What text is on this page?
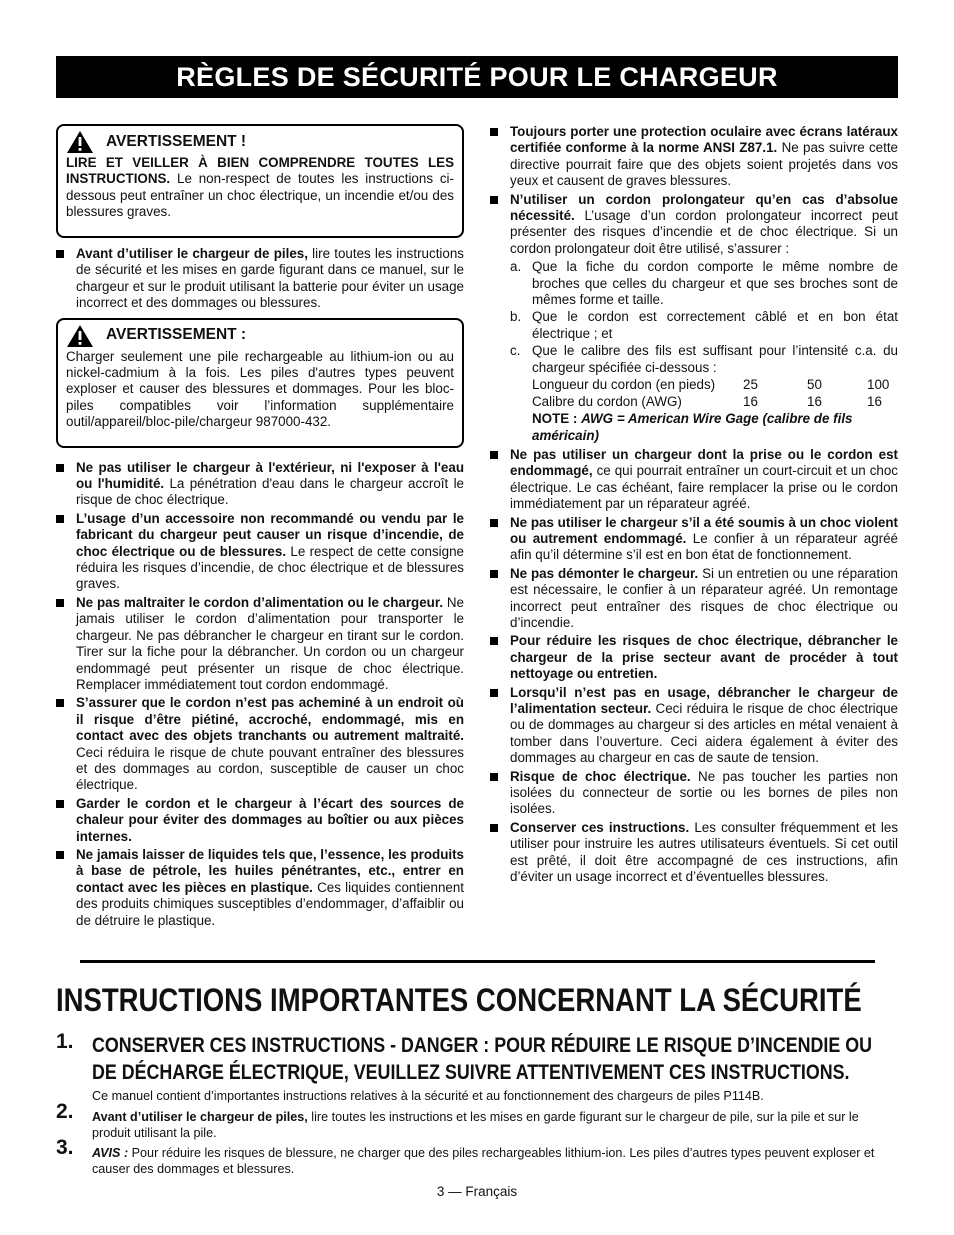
RÈGLES DE SÉCURITÉ POUR LE CHARGEUR
AVERTISSEMENT !

LIRE ET VEILLER À BIEN COMPRENDRE TOUTES LES INSTRUCTIONS. Le non-respect de toutes les instructions ci-dessous peut entraîner un choc électrique, un incendie et/ou des blessures graves.

Avant d’utiliser le chargeur de piles, lire toutes les instructions de sécurité et les mises en garde figurant dans ce manuel, sur le chargeur et sur le produit utilisant la batterie pour éviter un usage incorrect et des dommages ou blessures.
AVERTISSEMENT :

Charger seulement une pile rechargeable au lithium-ion ou au nickel-cadmium à la fois. Les piles d'autres types peuvent exploser et causer des blessures et dommages. Pour les bloc-piles compatibles voir l’information supplémentaire outil/appareil/bloc-pile/chargeur 987000-432.

Ne pas utiliser le chargeur à l'extérieur, ni l'exposer à l'eau ou l'humidité. La pénétration d'eau dans le chargeur accroît le risque de choc électrique.
L’usage d’un accessoire non recommandé ou vendu par le fabricant du chargeur peut causer un risque d’incendie, de choc électrique ou de blessures. Le respect de cette consigne réduira les risques d’incendie, de choc électrique et de blessures graves.
Ne pas maltraiter le cordon d’alimentation ou le chargeur. Ne jamais utiliser le cordon d’alimentation pour transporter le chargeur. Ne pas débrancher le chargeur en tirant sur le cordon. Tirer sur la fiche pour la débrancher. Un cordon ou un chargeur endommagé peut présenter un risque de choc électrique. Remplacer immédiatement tout cordon endommagé.
S’assurer que le cordon n’est pas acheminé à un endroit où il risque d’être piétiné, accroché, endommagé, mis en contact avec des objets tranchants ou autrement maltraité. Ceci réduira le risque de chute pouvant entraîner des blessures et des dommages au cordon, susceptible de causer un choc électrique.
Garder le cordon et le chargeur à l’écart des sources de chaleur pour éviter des dommages au boîtier ou aux pièces internes.
Ne jamais laisser de liquides tels que, l’essence, les produits à base de pétrole, les huiles pénétrantes, etc., entrer en contact avec les pièces en plastique. Ces liquides contiennent des produits chimiques susceptibles d’endommager, d’affaiblir ou de détruire le plastique.
Toujours porter une protection oculaire avec écrans latéraux certifiée conforme à la norme ANSI Z87.1. Ne pas suivre cette directive pourrait faire que des objets soient projetés dans vos yeux et causent de graves blessures.
N’utiliser un cordon prolongateur qu’en cas d’absolue nécessité. L’usage d’un cordon prolongateur incorrect peut présenter des risques d’incendie et de choc électrique. Si un cordon prolongateur doit être utilisé, s’assurer :
a. Que la fiche du cordon comporte le même nombre de broches que celles du chargeur et que ses broches sont de mêmes forme et taille.
b. Que le cordon est correctement câblé et en bon état électrique ; et
c. Que le calibre des fils est suffisant pour l’intensité c.a. du chargeur spécifiée ci-dessous :
Longueur du cordon (en pieds)	25	50	100
Calibre du cordon (AWG)	16	16	16
NOTE : AWG = American Wire Gage (calibre de fils américain)
Ne pas utiliser un chargeur dont la prise ou le cordon est endommagé, ce qui pourrait entraîner un court-circuit et un choc électrique. Le cas échéant, faire remplacer la prise ou le cordon immédiatement par un réparateur agréé.
Ne pas utiliser le chargeur s’il a été soumis à un choc violent ou autrement endommagé. Le confier à un réparateur agréé afin qu’il détermine s’il est en bon état de fonctionnement.
Ne pas démonter le chargeur. Si un entretien ou une réparation est nécessaire, le confier à un réparateur agréé. Un remontage incorrect peut entraîner des risques de choc électrique ou d’incendie.
Pour réduire les risques de choc électrique, débrancher le chargeur de la prise secteur avant de procéder à tout nettoyage ou entretien.
Lorsqu’il n’est pas en usage, débrancher le chargeur de l’alimentation secteur. Ceci réduira le risque de choc électrique ou de dommages au chargeur si des articles en métal venaient à tomber dans l’ouverture. Ceci aidera également à éviter des dommages au chargeur en cas de saute de tension.
Risque de choc électrique. Ne pas toucher les parties non isolées du connecteur de sortie ou les bornes de piles non isolées.
Conserver ces instructions. Les consulter fréquemment et les utiliser pour instruire les autres utilisateurs éventuels. Si cet outil est prêté, il doit être accompagné de ces instructions, afin d’éviter un usage incorrect et d’éventuelles blessures.
INSTRUCTIONS IMPORTANTES CONCERNANT LA SÉCURITÉ
1. CONSERVER CES INSTRUCTIONS - DANGER : POUR RÉDUIRE LE RISQUE D’INCENDIE OU
DE DÉCHARGE ÉLECTRIQUE, VEUILLEZ SUIVRE ATTENTIVEMENT CES INSTRUCTIONS.
Ce manuel contient d’importantes instructions relatives à la sécurité et au fonctionnement des chargeurs de piles P114B.
2. Avant d’utiliser le chargeur de piles, lire toutes les instructions et les mises en garde figurant sur le chargeur de pile, sur la pile et sur le produit utilisant la pile.
3. AVIS : Pour réduire les risques de blessure, ne charger que des piles rechargeables lithium-ion. Les piles d’autres types peuvent exploser et causer des dommages et blessures.
3 — Français
